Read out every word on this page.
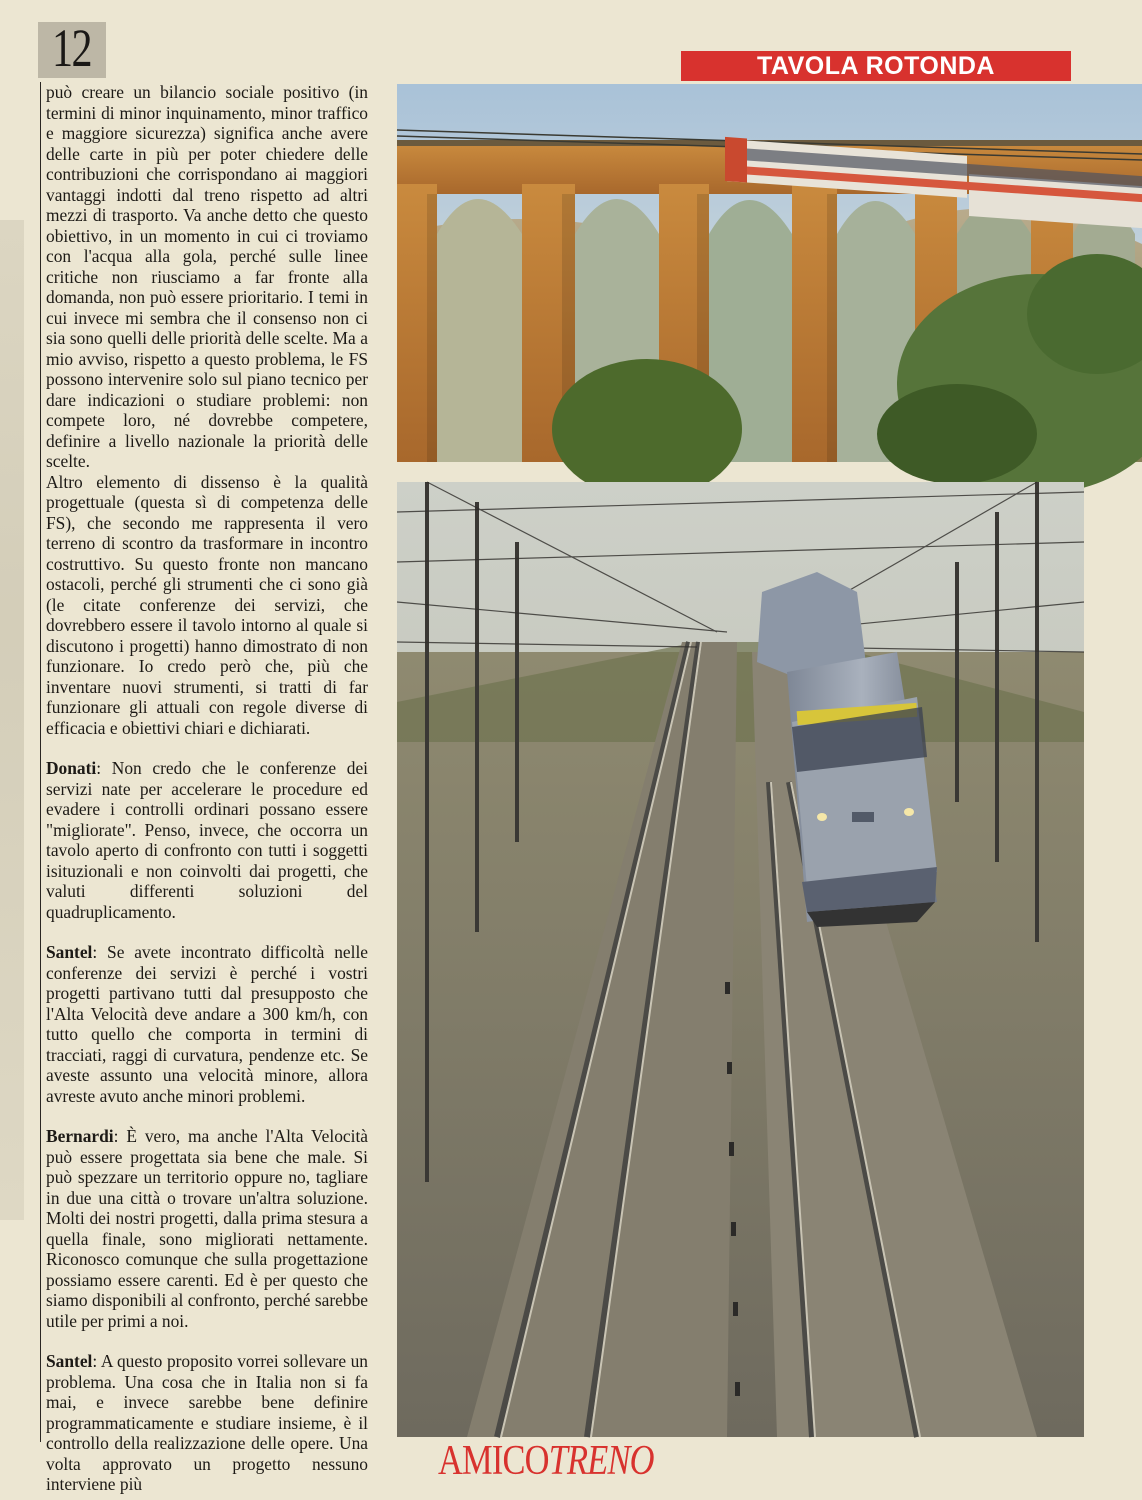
12	TAVOLA ROTONDA

può creare un bilancio sociale positivo (in termini di minor inquinamento, minor traffico e maggiore sicurezza) significa anche avere delle carte in più per poter chiedere delle contribuzioni che corrispondano ai maggiori vantaggi indotti dal treno rispetto ad altri mezzi di trasporto. Va anche detto che questo obiettivo, in un momento in cui ci troviamo con l'acqua alla gola, perché sulle linee critiche non riusciamo a far fronte alla domanda, non può essere prioritario. I temi in cui invece mi sembra che il consenso non ci sia sono quelli delle priorità delle scelte. Ma a mio avviso, rispetto a questo problema, le FS possono intervenire solo sul piano tecnico per dare indicazioni o studiare problemi: non compete loro, né dovrebbe competere, definire a livello nazionale la priorità delle scelte.

Altro elemento di dissenso è la qualità progettuale (questa sì di competenza delle FS), che secondo me rappresenta il vero terreno di scontro da trasformare in incontro costruttivo. Su questo fronte non mancano ostacoli, perché gli strumenti che ci sono già (le citate conferenze dei servizi, che dovrebbero essere il tavolo intorno al quale si discutono i progetti) hanno dimostrato di non funzionare. Io credo però che, più che inventare nuovi strumenti, si tratti di far funzionare gli attuali con regole diverse di efficacia e obiettivi chiari e dichiarati.

Donati: Non credo che le conferenze dei servizi nate per accelerare le procedure ed evadere i controlli ordinari possano essere "migliorate". Penso, invece, che occorra un tavolo aperto di confronto con tutti i soggetti isituzionali e non coinvolti dai progetti, che valuti differenti soluzioni del quadruplicamento.

Santel: Se avete incontrato difficoltà nelle conferenze dei servizi è perché i vostri progetti partivano tutti dal presupposto che l'Alta Velocità deve andare a 300 km/h, con tutto quello che comporta in termini di tracciati, raggi di curvatura, pendenze etc. Se aveste assunto una velocità minore, allora avreste avuto anche minori problemi.

Bernardi: È vero, ma anche l'Alta Velocità può essere progettata sia bene che male. Si può spezzare un territorio oppure no, tagliare in due una città o trovare un'altra soluzione. Molti dei nostri progetti, dalla prima stesura a quella finale, sono migliorati nettamente. Riconosco comunque che sulla progettazione possiamo essere carenti. Ed è per questo che siamo disponibili al confronto, perché sarebbe utile per primi a noi.

Santel: A questo proposito vorrei sollevare un problema. Una cosa che in Italia non si fa mai, e invece sarebbe bene definire programmaticamente e studiare insieme, è il controllo della realizzazione delle opere. Una volta approvato un progetto nessuno interviene più	AMICOTRENO
